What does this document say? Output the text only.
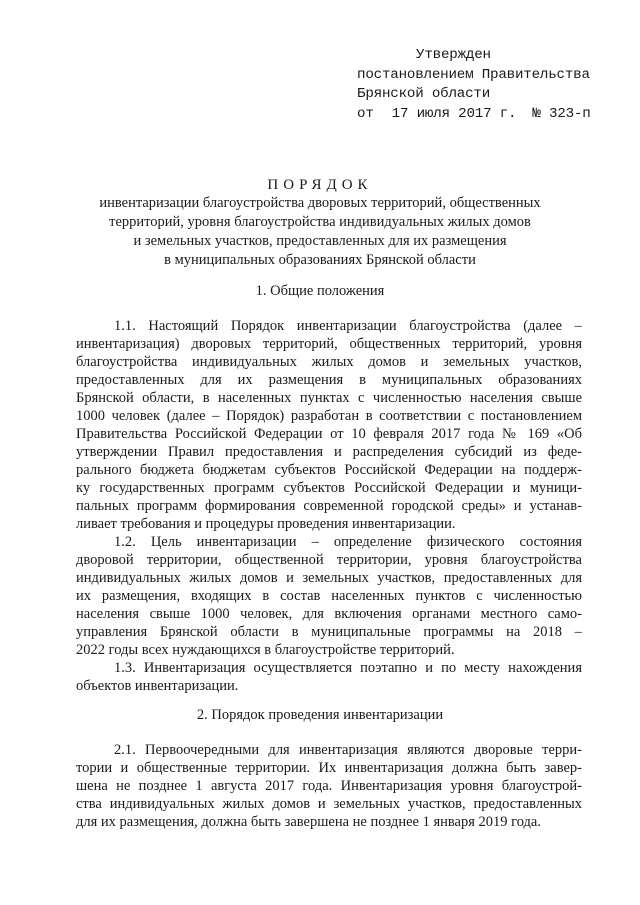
Утвержден
постановлением Правительства
Брянской области
от 17 июля 2017 г. № 323-п
ПОРЯДОК
инвентаризации благоустройства дворовых территорий, общественных
территорий, уровня благоустройства индивидуальных жилых домов
и земельных участков, предоставленных для их размещения
в муниципальных образованиях Брянской области
1. Общие положения
1.1. Настоящий Порядок инвентаризации благоустройства (далее –
инвентаризация) дворовых территорий, общественных территорий, уровня
благоустройства индивидуальных жилых домов и земельных участков,
предоставленных для их размещения в муниципальных образованиях
Брянской области, в населенных пунктах с численностью населения свыше
1000 человек (далее – Порядок) разработан в соответствии с постановлением
Правительства Российской Федерации от 10 февраля 2017 года № 169 «Об
утверждении Правил предоставления и распределения субсидий из феде-
рального бюджета бюджетам субъектов Российской Федерации на поддерж-
ку государственных программ субъектов Российской Федерации и муници-
пальных программ формирования современной городской среды» и устанав-
ливает требования и процедуры проведения инвентаризации.
1.2. Цель инвентаризации – определение физического состояния
дворовой территории, общественной территории, уровня благоустройства
индивидуальных жилых домов и земельных участков, предоставленных для
их размещения, входящих в состав населенных пунктов с численностью
населения свыше 1000 человек, для включения органами местного само-
управления Брянской области в муниципальные программы на 2018 –
2022 годы всех нуждающихся в благоустройстве территорий.
1.3. Инвентаризация осуществляется поэтапно и по месту нахождения
объектов инвентаризации.
2. Порядок проведения инвентаризации
2.1. Первоочередными для инвентаризация являются дворовые терри-
тории и общественные территории. Их инвентаризация должна быть завер-
шена не позднее 1 августа 2017 года. Инвентаризация уровня благоустрой-
ства индивидуальных жилых домов и земельных участков, предоставленных
для их размещения, должна быть завершена не позднее 1 января 2019 года.
